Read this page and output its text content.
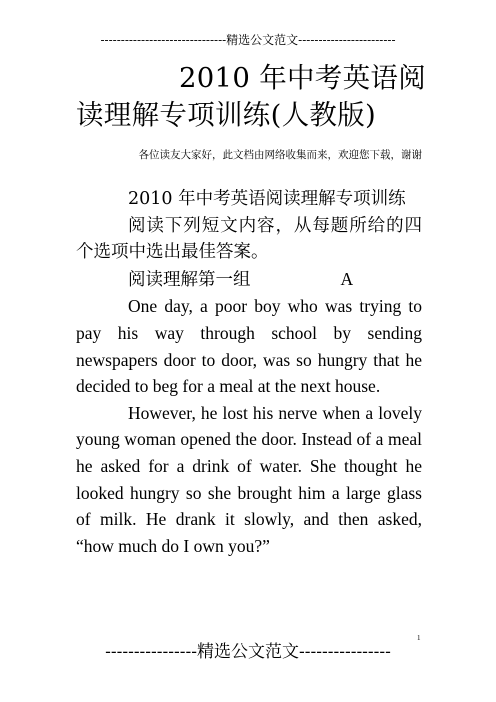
-------------------------------精选公文范文------------------------
2010 年中考英语阅
读理解专项训练(人教版)
各位读友大家好，此文档由网络收集而来，欢迎您下载，谢谢

2010 年中考英语阅读理解专项训练

阅读下列短文内容，从每题所给的四个选项中选出最佳答案。

阅读理解第一组	A

One day, a poor boy who was trying to pay his way through school by sending newspapers door to door, was so hungry that he decided to beg for a meal at the next house.

However, he lost his nerve when a lovely young woman opened the door. Instead of a meal he asked for a drink of water. She thought he looked hungry so she brought him a large glass of milk. He drank it slowly, and then asked, “how much do I own you?”

----------------精选公文范文----------------
1
